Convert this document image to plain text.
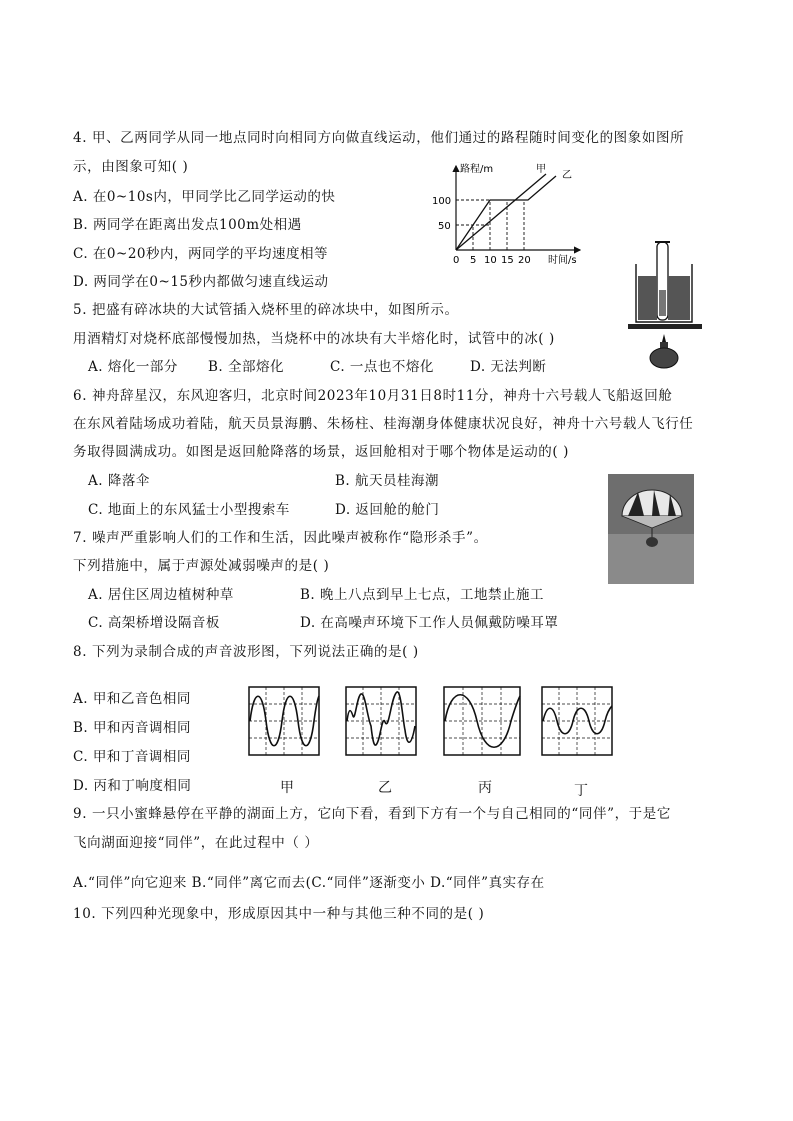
4. 甲、乙两同学从同一地点同时向相同方向做直线运动，他们通过的路程随时间变化的图象如图所
示，由图象可知( )
A. 在0~10s内，甲同学比乙同学运动的快
B. 两同学在距离出发点100m处相遇
C. 在0~20秒内，两同学的平均速度相等
D. 两同学在0~15秒内都做匀速直线运动
路程/m	甲
乙
100
50
0 5 10 15 20 时间/s
5. 把盛有碎冰块的大试管插入烧杯里的碎冰块中，如图所示。
用酒精灯对烧杯底部慢慢加热，当烧杯中的冰块有大半熔化时，试管中的冰( )
A. 熔化一部分 B. 全部熔化	C. 一点也不熔化	D. 无法判断
6. 神舟辞星汉，东风迎客归，北京时间2023年10月31日8时11分，神舟十六号载人飞船返回舱
在东风着陆场成功着陆，航天员景海鹏、朱杨柱、桂海潮身体健康状况良好，神舟十六号载人飞行任
务取得圆满成功。如图是返回舱降落的场景，返回舱相对于哪个物体是运动的( )
A. 降落伞	B. 航天员桂海潮
C. 地面上的东风猛士小型搜索车	D. 返回舱的舱门
7. 噪声严重影响人们的工作和生活，因此噪声被称作“隐形杀手”。
下列措施中，属于声源处减弱噪声的是( )
A. 居住区周边植树种草	B. 晚上八点到早上七点，工地禁止施工
C. 高架桥增设隔音板	D. 在高噪声环境下工作人员佩戴防噪耳罩
8. 下列为录制合成的声音波形图，下列说法正确的是( )
A. 甲和乙音色相同
B. 甲和丙音调相同
C. 甲和丁音调相同
D. 丙和丁响度相同	甲	乙	丙	丁
9. 一只小蜜蜂悬停在平静的湖面上方，它向下看，看到下方有一个与自己相同的“同伴”，于是它
飞向湖面迎接“同伴”，在此过程中（ ）
A.“同伴”向它迎来 B.“同伴”离它而去(C.“同伴”逐渐变小 D.“同伴”真实存在
10. 下列四种光现象中，形成原因其中一种与其他三种不同的是( )
